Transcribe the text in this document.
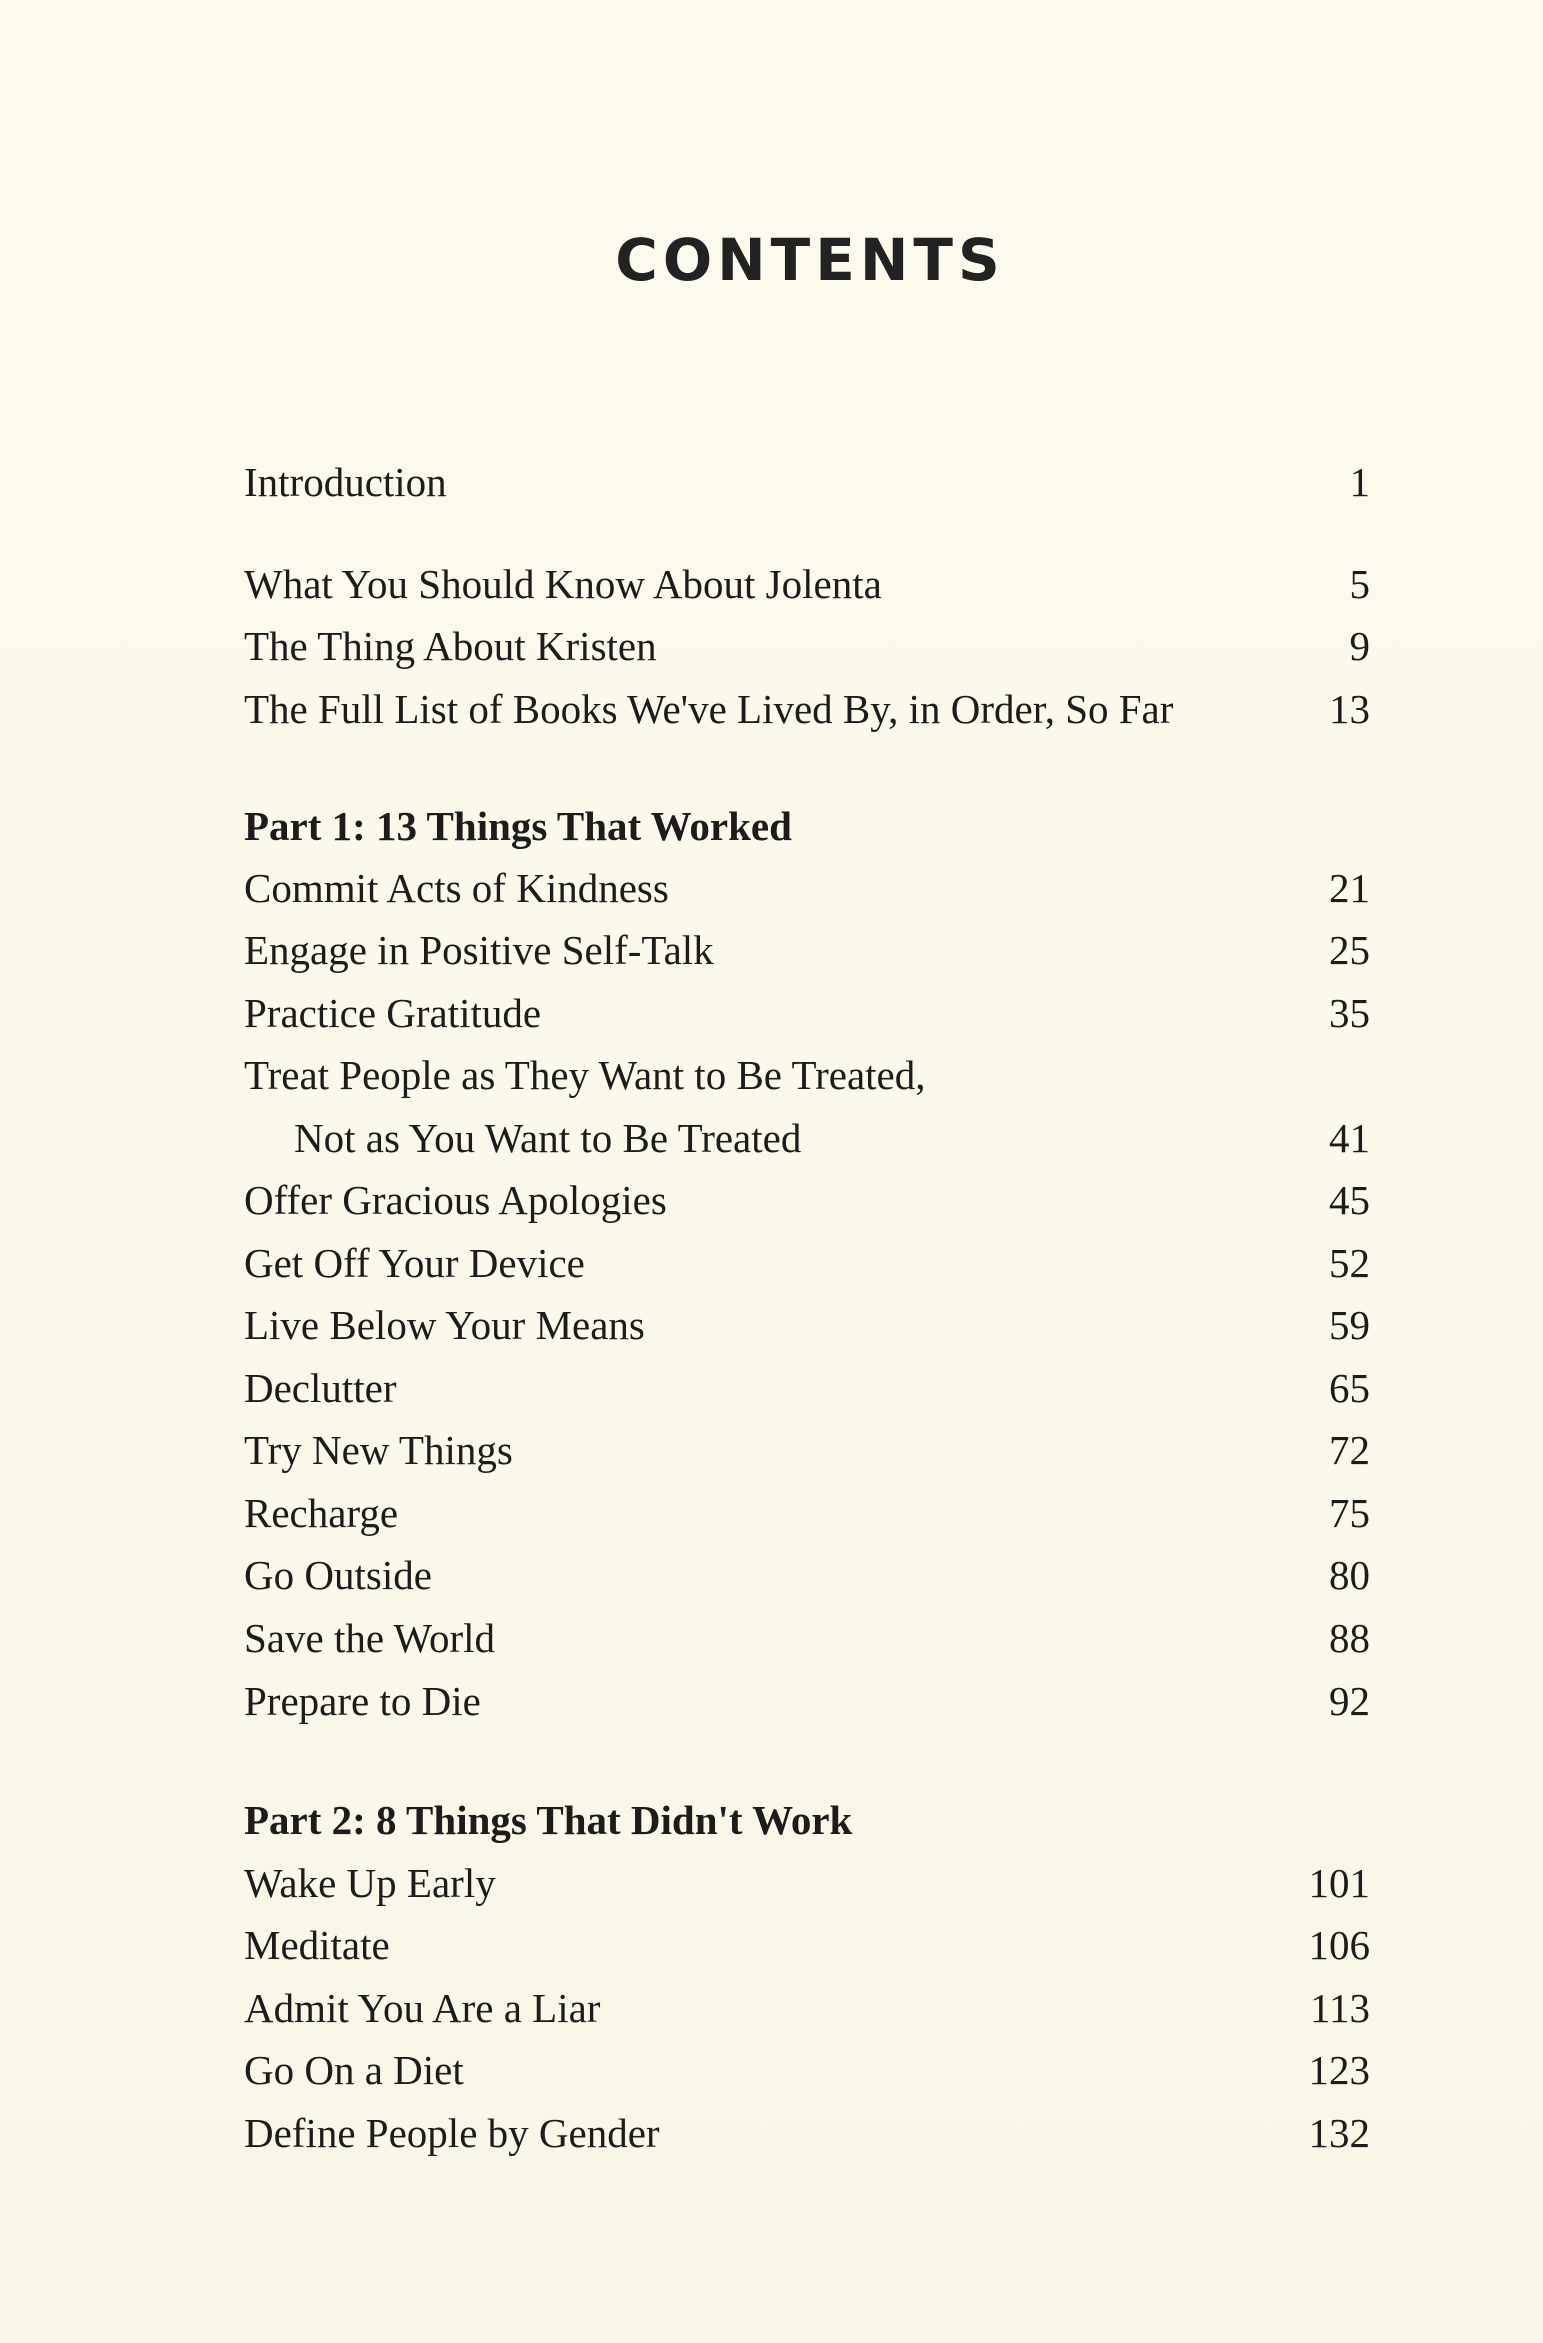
CONTENTS
Introduction	1
What You Should Know About Jolenta	5
The Thing About Kristen	9
The Full List of Books We've Lived By, in Order, So Far	13
Part 1: 13 Things That Worked
Commit Acts of Kindness	21
Engage in Positive Self-Talk	25
Practice Gratitude	35
Treat People as They Want to Be Treated,
Not as You Want to Be Treated	41
Offer Gracious Apologies	45
Get Off Your Device	52
Live Below Your Means	59
Declutter	65
Try New Things	72
Recharge	75
Go Outside	80
Save the World	88
Prepare to Die	92
Part 2: 8 Things That Didn't Work
Wake Up Early	101
Meditate	106
Admit You Are a Liar	113
Go On a Diet	123
Define People by Gender	132
